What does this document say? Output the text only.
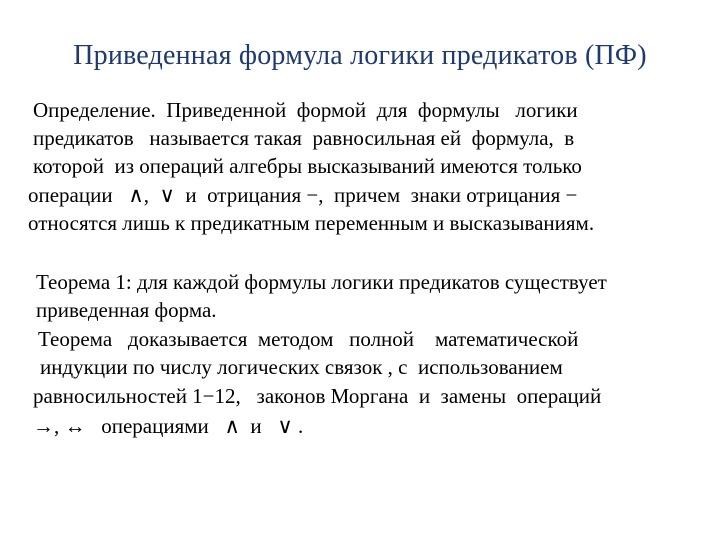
Приведенная формула логики предикатов (ПФ)
Определение.  Приведенной  формой  для  формулы   логики
предикатов   называется такая  равносильная ей  формула,  в
которой  из операций алгебры высказываний имеются только
операции   ∧,  ∨  и  отрицания −,  причем  знаки отрицания −
относятся лишь к предикатным переменным и высказываниям.
Теорема 1: для каждой формулы логики предикатов существует
приведенная форма.
Теорема   доказывается  методом   полной    математической
индукции по числу логических связок , с  использованием
равносильностей 1−12,   законов Моргана  и  замены  операций
→, ↔   операциями   ∧  и   ∨ .
